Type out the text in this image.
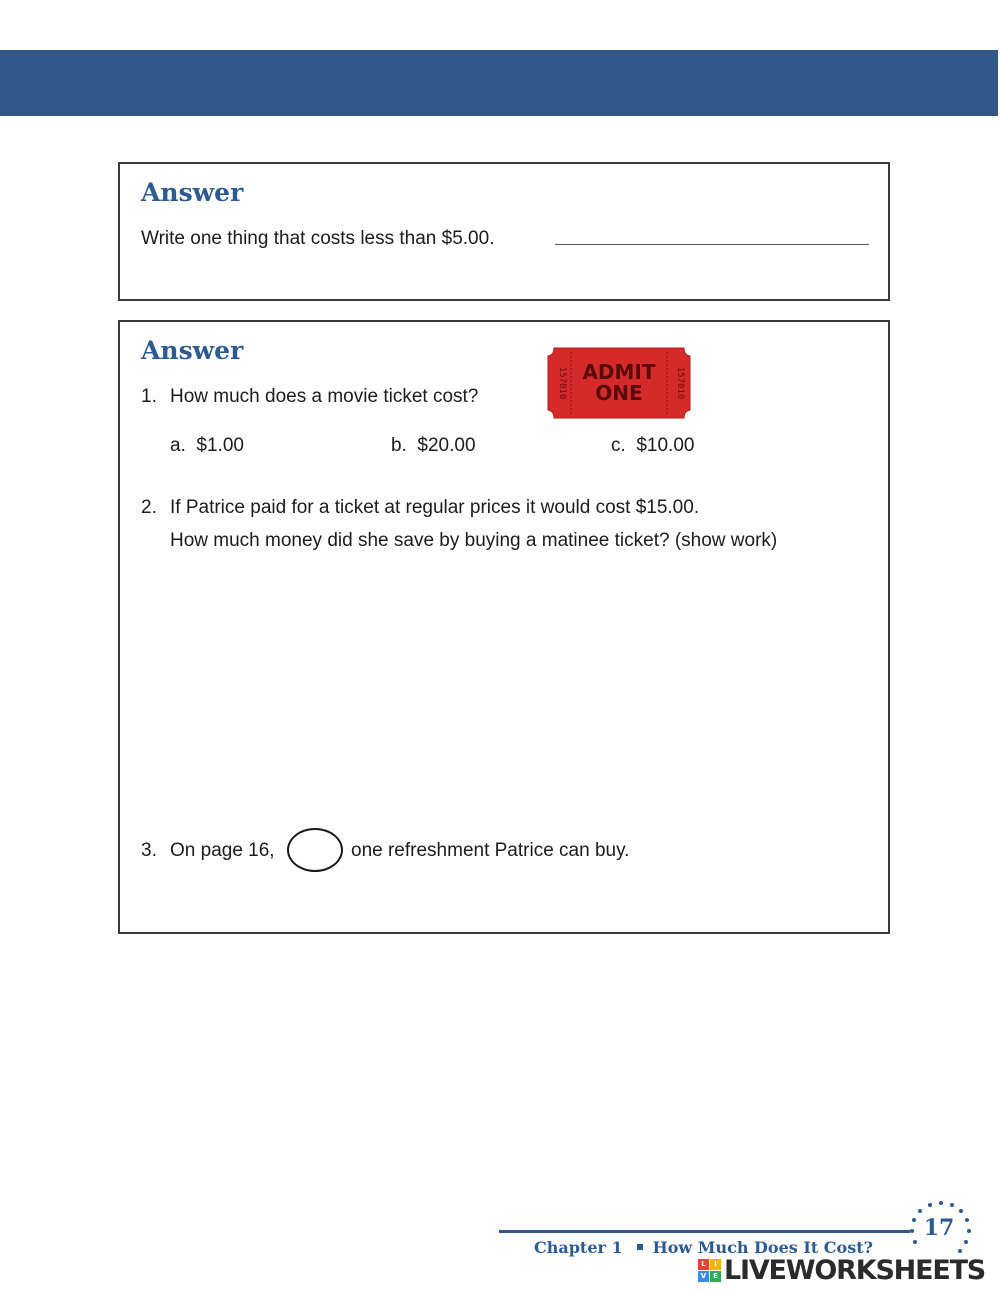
Answer
Write one thing that costs less than $5.00.
Answer
ADMIT
ONE
157010	157010
1. How much does a movie ticket cost?
a. $1.00	b. $20.00	c. $10.00
2. If Patrice paid for a ticket at regular prices it would cost $15.00.
How much money did she save by buying a matinee ticket? (show work)
3. On page 16,	one refreshment Patrice can buy.
Chapter 1 How Much Does It Cost?
17
L	I
V E LIVEWORKSHEETS
